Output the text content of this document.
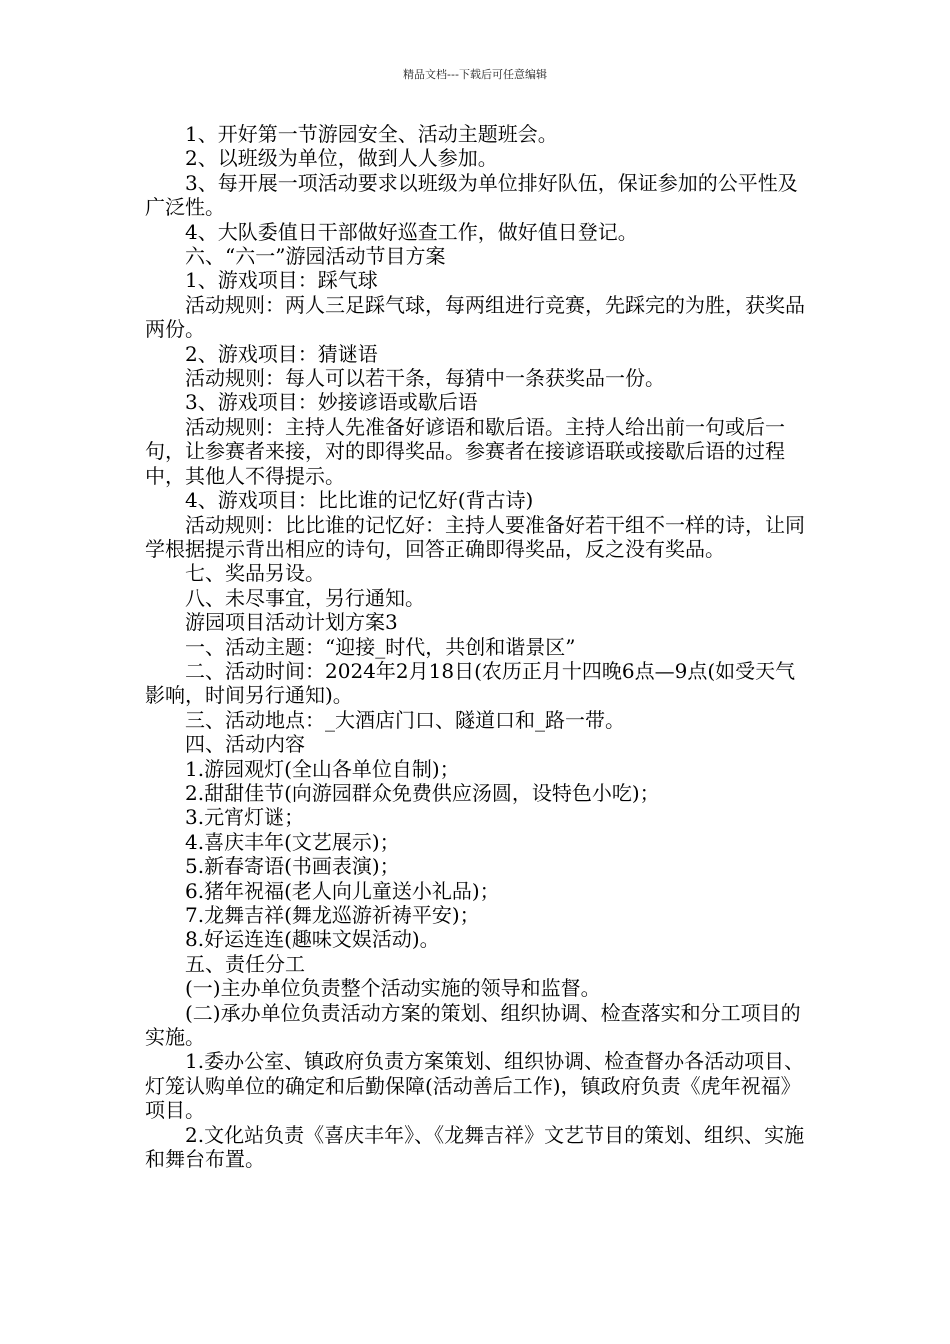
精品文档---下载后可任意编辑

1、开好第一节游园安全、活动主题班会。

2、以班级为单位，做到人人参加。

3、每开展一项活动要求以班级为单位排好队伍，保证参加的公平性及广泛性。

4、大队委值日干部做好巡查工作，做好值日登记。

六、“六一”游园活动节目方案

1、游戏项目：踩气球

活动规则：两人三足踩气球，每两组进行竞赛，先踩完的为胜，获奖品两份。

2、游戏项目：猜谜语

活动规则：每人可以若干条，每猜中一条获奖品一份。

3、游戏项目：妙接谚语或歇后语

活动规则：主持人先准备好谚语和歇后语。主持人给出前一句或后一句，让参赛者来接，对的即得奖品。参赛者在接谚语联或接歇后语的过程中，其他人不得提示。

4、游戏项目：比比谁的记忆好(背古诗)

活动规则：比比谁的记忆好：主持人要准备好若干组不一样的诗，让同学根据提示背出相应的诗句，回答正确即得奖品，反之没有奖品。

七、奖品另设。

八、未尽事宜，另行通知。

游园项目活动计划方案3

一、活动主题：“迎接_时代，共创和谐景区”

二、活动时间：2024年2月18日(农历正月十四晚6点—9点(如受天气影响，时间另行通知)。

三、活动地点：_大酒店门口、隧道口和_路一带。

四、活动内容

1.游园观灯(全山各单位自制)；

2.甜甜佳节(向游园群众免费供应汤圆，设特色小吃)；

3.元宵灯谜；

4.喜庆丰年(文艺展示)；

5.新春寄语(书画表演)；

6.猪年祝福(老人向儿童送小礼品)；

7.龙舞吉祥(舞龙巡游祈祷平安)；

8.好运连连(趣味文娱活动)。

五、责任分工

(一)主办单位负责整个活动实施的领导和监督。

(二)承办单位负责活动方案的策划、组织协调、检查落实和分工项目的实施。

1.委办公室、镇政府负责方案策划、组织协调、检查督办各活动项目、灯笼认购单位的确定和后勤保障(活动善后工作)，镇政府负责《虎年祝福》项目。

2.文化站负责《喜庆丰年》、《龙舞吉祥》文艺节目的策划、组织、实施和舞台布置。
